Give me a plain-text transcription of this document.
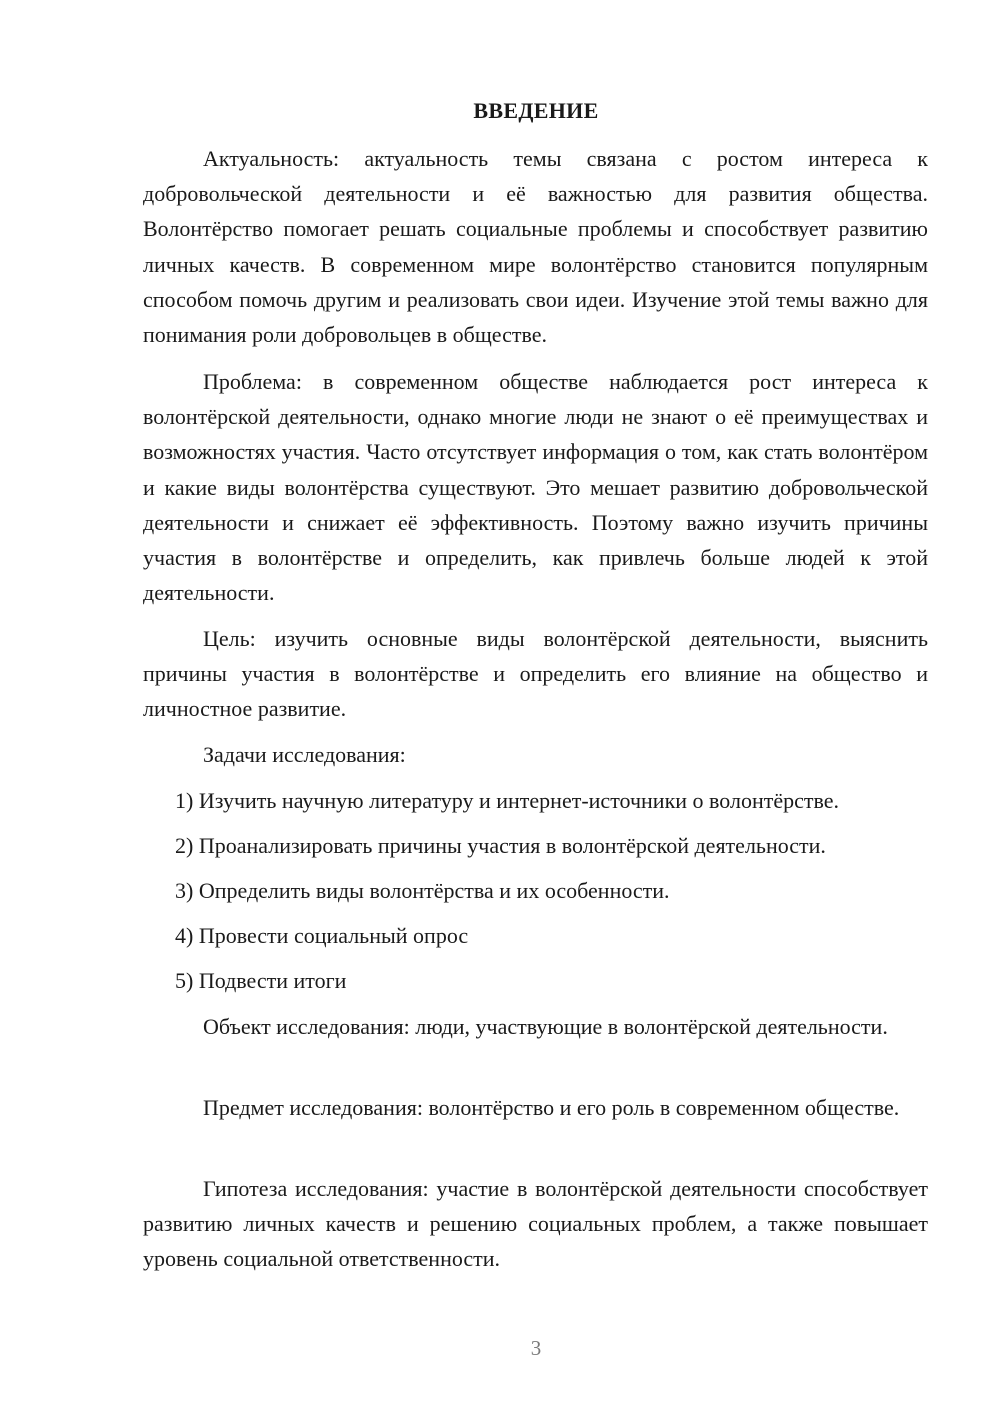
ВВЕДЕНИЕ

Актуальность: актуальность темы связана с ростом интереса к добровольческой деятельности и её важностью для развития общества. Волонтёрство помогает решать социальные проблемы и способствует развитию личных качеств. В современном мире волонтёрство становится популярным способом помочь другим и реализовать свои идеи. Изучение этой темы важно для понимания роли добровольцев в обществе.

Проблема: в современном обществе наблюдается рост интереса к волонтёрской деятельности, однако многие люди не знают о её преимуществах и возможностях участия. Часто отсутствует информация о том, как стать волонтёром и какие виды волонтёрства существуют. Это мешает развитию добровольческой деятельности и снижает её эффективность. Поэтому важно изучить причины участия в волонтёрстве и определить, как привлечь больше людей к этой деятельности.

Цель: изучить основные виды волонтёрской деятельности, выяснить причины участия в волонтёрстве и определить его влияние на общество и личностное развитие.

Задачи исследования:

1) Изучить научную литературу и интернет-источники о волонтёрстве.

2) Проанализировать причины участия в волонтёрской деятельности.

3) Определить виды волонтёрства и их особенности.

4) Провести социальный опрос

5) Подвести итоги

Объект исследования: люди, участвующие в волонтёрской деятельности.

Предмет исследования: волонтёрство и его роль в современном обществе.

Гипотеза исследования: участие в волонтёрской деятельности способствует развитию личных качеств и решению социальных проблем, а также повышает уровень социальной ответственности.

3
